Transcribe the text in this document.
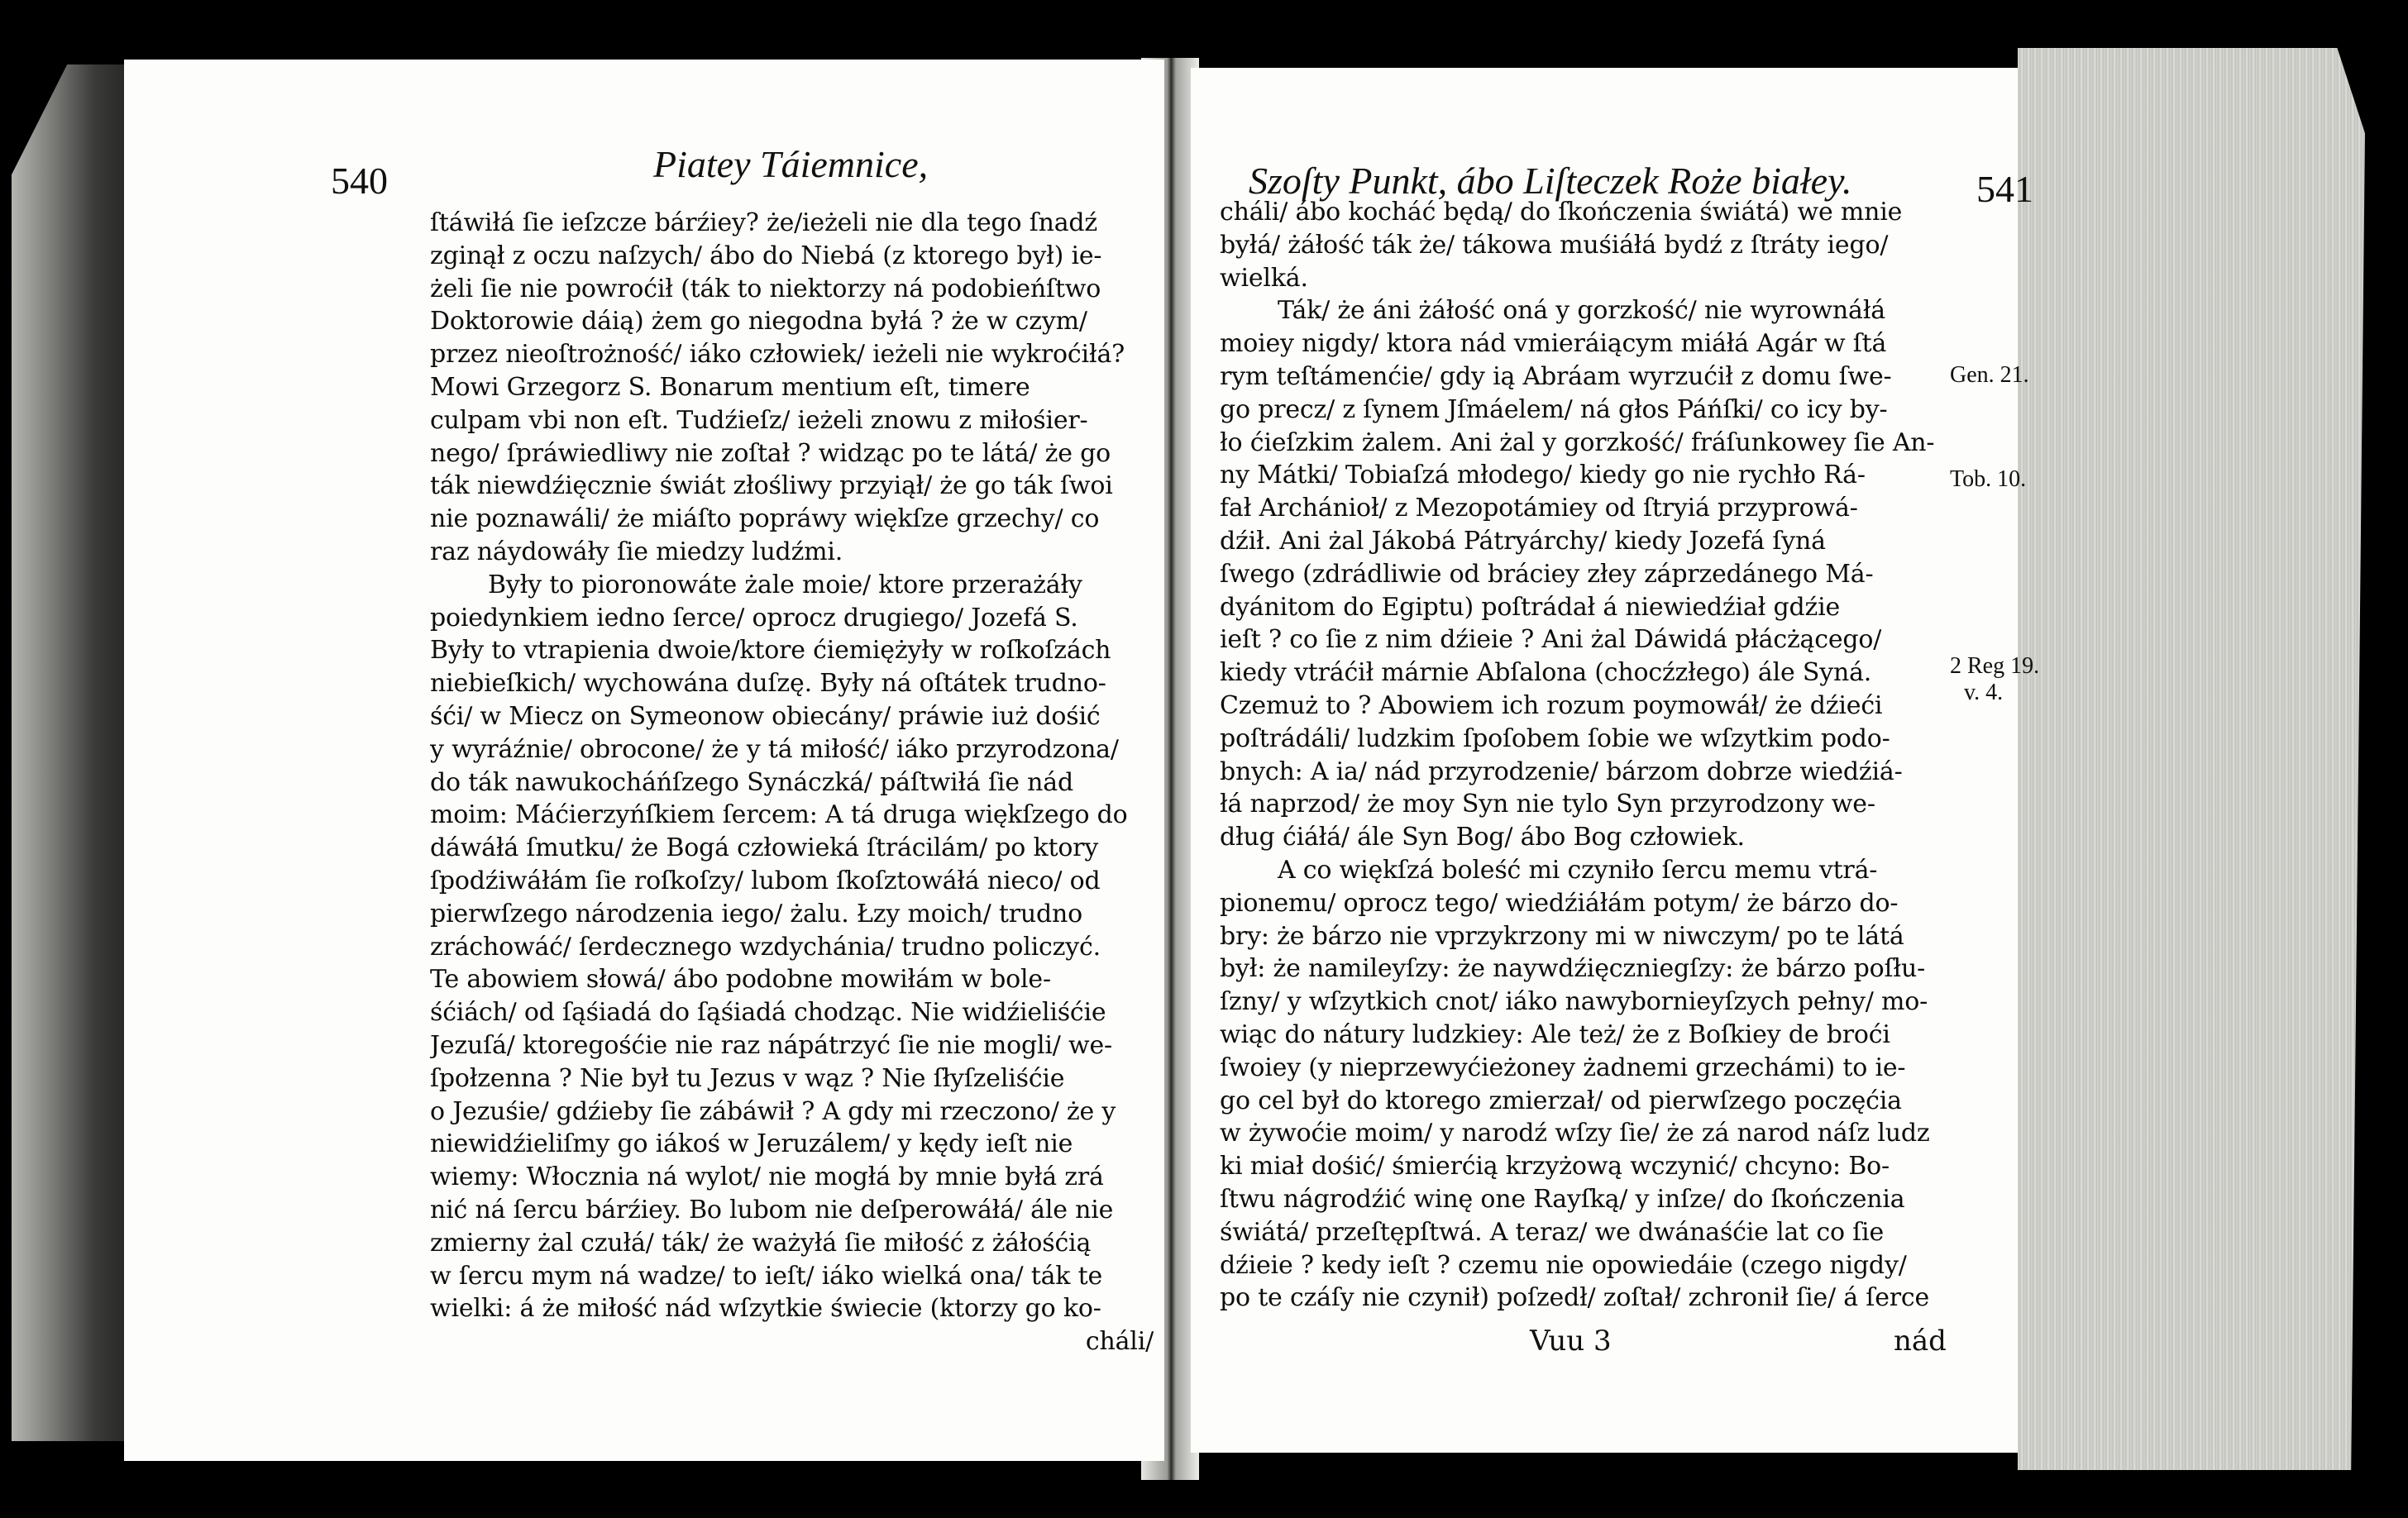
540	Piatey Táiemnice,
ſtáwiłá ſie ieſzcze bárźiey? że/ieżeli nie dla tego ſnadź
zginął z oczu naſzych/ ábo do Niebá (z ktorego był) ie-
żeli ſie nie powroćił (ták to niektorzy ná podobieńſtwo
Doktorowie dáią) żem go niegodna byłá ? że w czym/
przez nieoſtrożność/ iáko człowiek/ ieżeli nie wykroćiłá?
Mowi Grzegorz S. Bonarum mentium eſt, timere
culpam vbi non eſt. Tudźieſz/ ieżeli znowu z miłośier-
nego/ ſpráwiedliwy nie zoſtał ? widząc po te látá/ że go
ták niewdźięcznie świát złośliwy przyiął/ że go ták ſwoi
nie poznawáli/ że miáſto popráwy więkſze grzechy/ co
raz náydowáły ſie miedzy ludźmi.
Były to pioronowáte żale moie/ ktore przerażáły
poiedynkiem iedno ſerce/ oprocz drugiego/ Jozefá S.
Były to vtrapienia dwoie/ktore ćiemiężyły w roſkoſzách
niebieſkich/ wychowána duſzę. Były ná oſtátek trudno-
śći/ w Miecz on Symeonow obiecány/ práwie iuż dośić
y wyráźnie/ obrocone/ że y tá miłość/ iáko przyrodzona/
do ták nawukocháńſzego Synáczká/ páſtwiłá ſie nád
moim: Máćierzyńſkiem ſercem: A tá druga więkſzego do
dáwáłá ſmutku/ że Bogá człowieká ſtrácilám/ po ktory
ſpodźiwáłám ſie roſkoſzy/ lubom ſkoſztowáłá nieco/ od
pierwſzego národzenia iego/ żalu. Łzy moich/ trudno
zráchowáć/ ſerdecznego wzdychánia/ trudno policzyć.
Te abowiem słowá/ ábo podobne mowiłám w bole-
śćiách/ od ſąśiadá do ſąśiadá chodząc. Nie widźieliśćie
Jezuſá/ ktoregośćie nie raz nápátrzyć ſie nie mogli/ we-
ſpołzenna ? Nie był tu Jezus v wąz ? Nie ſłyſzeliśćie
o Jezuśie/ gdźieby ſie zábáwił ? A gdy mi rzeczono/ że y
niewidźieliſmy go iákoś w Jeruzálem/ y kędy ieſt nie
wiemy: Włocznia ná wylot/ nie mogłá by mnie byłá zrá
nić ná ſercu bárźiey. Bo lubom nie deſperowáłá/ ále nie
zmierny żal czułá/ ták/ że ważyłá ſie miłość z żáłośćią
w ſercu mym ná wadze/ to ieſt/ iáko wielká ona/ ták te
wielki: á że miłość nád wſzytkie świecie (ktorzy go ko-
cháli/
Szoſty Punkt, ábo Liſteczek Roże białey.	541
cháli/ ábo kocháć będą/ do ſkończenia świátá) we mnie
byłá/ żáłość ták że/ tákowa muśiáłá bydź z ſtráty iego/
wielká.
Ták/ że áni żáłość oná y gorzkość/ nie wyrownáłá
moiey nigdy/ ktora nád vmieráiącym miáłá Agár w ſtá
rym teſtámenćie/ gdy ią Abráam wyrzućił z domu ſwe-
go precz/ z ſynem Jſmáelem/ ná głos Páńſki/ co icy by-
ło ćieſzkim żalem. Ani żal y gorzkość/ fráſunkowey ſie An-
ny Mátki/ Tobiaſzá młodego/ kiedy go nie rychło Rá-
fał Archánioł/ z Mezopotámiey od ſtryiá przyprowá-
dźił. Ani żal Jákobá Pátryárchy/ kiedy Jozefá ſyná
ſwego (zdrádliwie od bráciey złey záprzedánego Má-
dyánitom do Egiptu) poſtrádał á niewiedźiał gdźie
ieſt ? co ſie z nim dźieie ? Ani żal Dáwidá płácżącego/
kiedy vtráćił márnie Abſalona (chocźzłego) ále Syná.
Czemuż to ? Abowiem ich rozum poymowáł/ że dźieći
poſtrádáli/ ludzkim ſpoſobem ſobie we wſzytkim podo-
bnych: A ia/ nád przyrodzenie/ bárzom dobrze wiedźiá-
łá naprzod/ że moy Syn nie tylo Syn przyrodzony we-
dług ćiáłá/ ále Syn Bog/ ábo Bog człowiek.
A co więkſzá boleść mi czyniło ſercu memu vtrá-
pionemu/ oprocz tego/ wiedźiáłám potym/ że bárzo do-
bry: że bárzo nie vprzykrzony mi w niwczym/ po te látá
był: że namileyſzy: że naywdźięczniegſzy: że bárzo poſłu-
ſzny/ y wſzytkich cnot/ iáko nawybornieyſzych pełny/ mo-
wiąc do nátury ludzkiey: Ale też/ że z Boſkiey de broći
ſwoiey (y nieprzewyćieżoney żadnemi grzechámi) to ie-
go cel był do ktorego zmierzał/ od pierwſzego poczęćia
w żywoćie moim/ y narodź wſzy ſie/ że zá narod náſz ludz
ki miał dośić/ śmierćią krzyżową wczynić/ chcyno: Bo-
ſtwu nágrodźić winę one Rayſką/ y inſze/ do ſkończenia
świátá/ przeſtępſtwá. A teraz/ we dwánaśćie lat co ſie
dźieie ? kedy ieſt ? czemu nie opowiedáie (czego nigdy/
po te czáſy nie czynił) poſzedł/ zoſtał/ zchronił ſie/ á ſerce
Vuu 3	nád
Gen. 21.
Tob. 10.
2 Reg 19.
v. 4.
